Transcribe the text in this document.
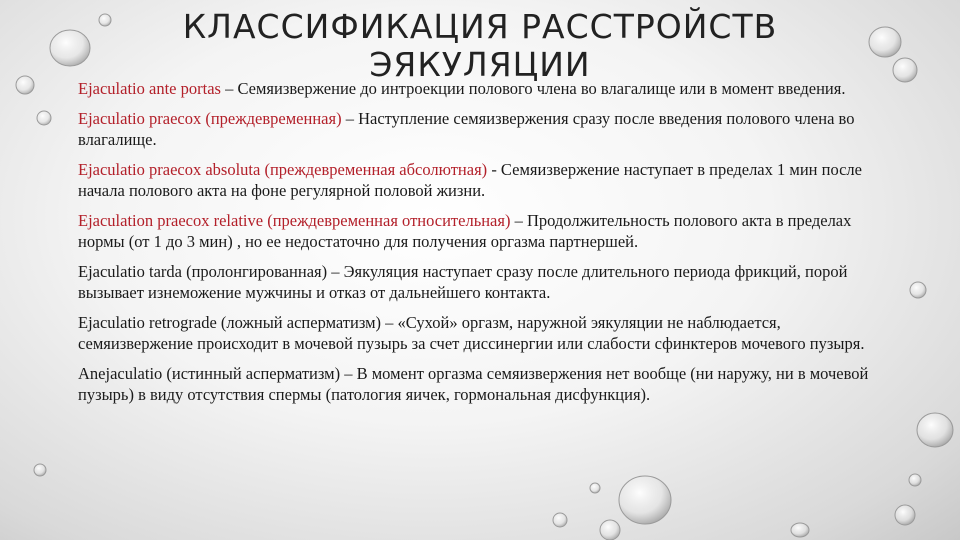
КЛАССИФИКАЦИЯ РАССТРОЙСТВ ЭЯКУЛЯЦИИ

Ejaculatio ante portas – Семяизвержение до интроекции полового члена во влагалище или в момент введения.

Ejaculatio praecox (преждевременная) – Наступление семяизвержения сразу после введения полового члена во влагалище.

Ejaculatio praecox absoluta (преждевременная абсолютная) - Семяизвержение наступает в пределах 1 мин после начала полового акта на фоне регулярной половой жизни.

Ejaculation praecox relative (преждевременная относительная) – Продолжительность полового акта в пределах нормы (от 1 до 3 мин) , но ее недостаточно для получения оргазма партнершей.

Ejaculatio tarda (пролонгированная) – Эякуляция наступает сразу после длительного периода фрикций, порой вызывает изнеможение мужчины и отказ от дальнейшего контакта.

Ejaculatio retrograde (ложный асперматизм) – «Сухой» оргазм, наружной эякуляции не наблюдается, семяизвержение происходит в мочевой пузырь за счет диссинергии или слабости сфинктеров мочевого пузыря.

Anejaculatio (истинный асперматизм) – В момент оргазма семяизвержения нет вообще (ни наружу, ни в мочевой пузырь) в виду отсутствия спермы (патология яичек, гормональная дисфункция).
